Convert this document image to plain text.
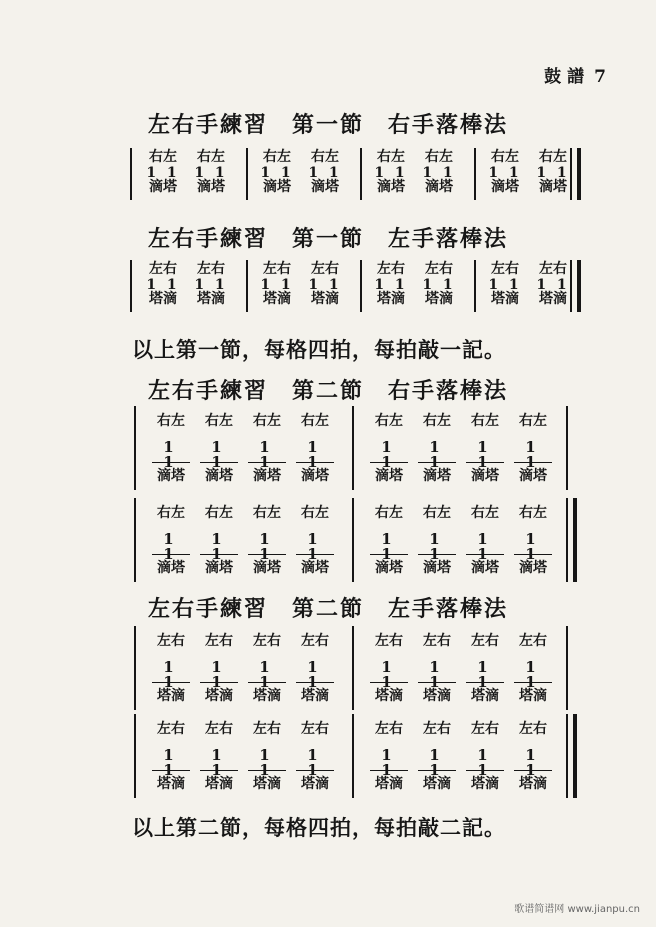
鼓譜 7
左右手練習　第一節　右手落棒法
左右手練習　第一節　左手落棒法
以上第一節，每格四拍，每拍敲一記。
左右手練習　第二節　右手落棒法
左右手練習　第二節　左手落棒法
以上第二節，每格四拍，每拍敲二記。
右左
1 1
滴塔
右左
1 1
滴塔
右左
1 1
滴塔
右左
1 1
滴塔
右左
1 1
滴塔
右左
1 1
滴塔
右左
1 1
滴塔
右左
1 1
滴塔
左右
1 1
塔滴
左右
1 1
塔滴
左右
1 1
塔滴
左右
1 1
塔滴
左右
1 1
塔滴
左右
1 1
塔滴
左右
1 1
塔滴
左右
1 1
塔滴
右左
1 1
滴塔
右左
1 1
滴塔
右左
1 1
滴塔
右左
1 1
滴塔
右左
1 1
滴塔
右左
1 1
滴塔
右左
1 1
滴塔
右左
1 1
滴塔
右左
1 1
滴塔
右左
1 1
滴塔
右左
1 1
滴塔
右左
1 1
滴塔
右左
1 1
滴塔
右左
1 1
滴塔
右左
1 1
滴塔
右左
1 1
滴塔
左右
1 1
塔滴
左右
1 1
塔滴
左右
1 1
塔滴
左右
1 1
塔滴
左右
1 1
塔滴
左右
1 1
塔滴
左右
1 1
塔滴
左右
1 1
塔滴
左右
1 1
塔滴
左右
1 1
塔滴
左右
1 1
塔滴
左右
1 1
塔滴
左右
1 1
塔滴
左右
1 1
塔滴
左右
1 1
塔滴
左右
1 1
塔滴
歌谱简谱网 www.jianpu.cn
